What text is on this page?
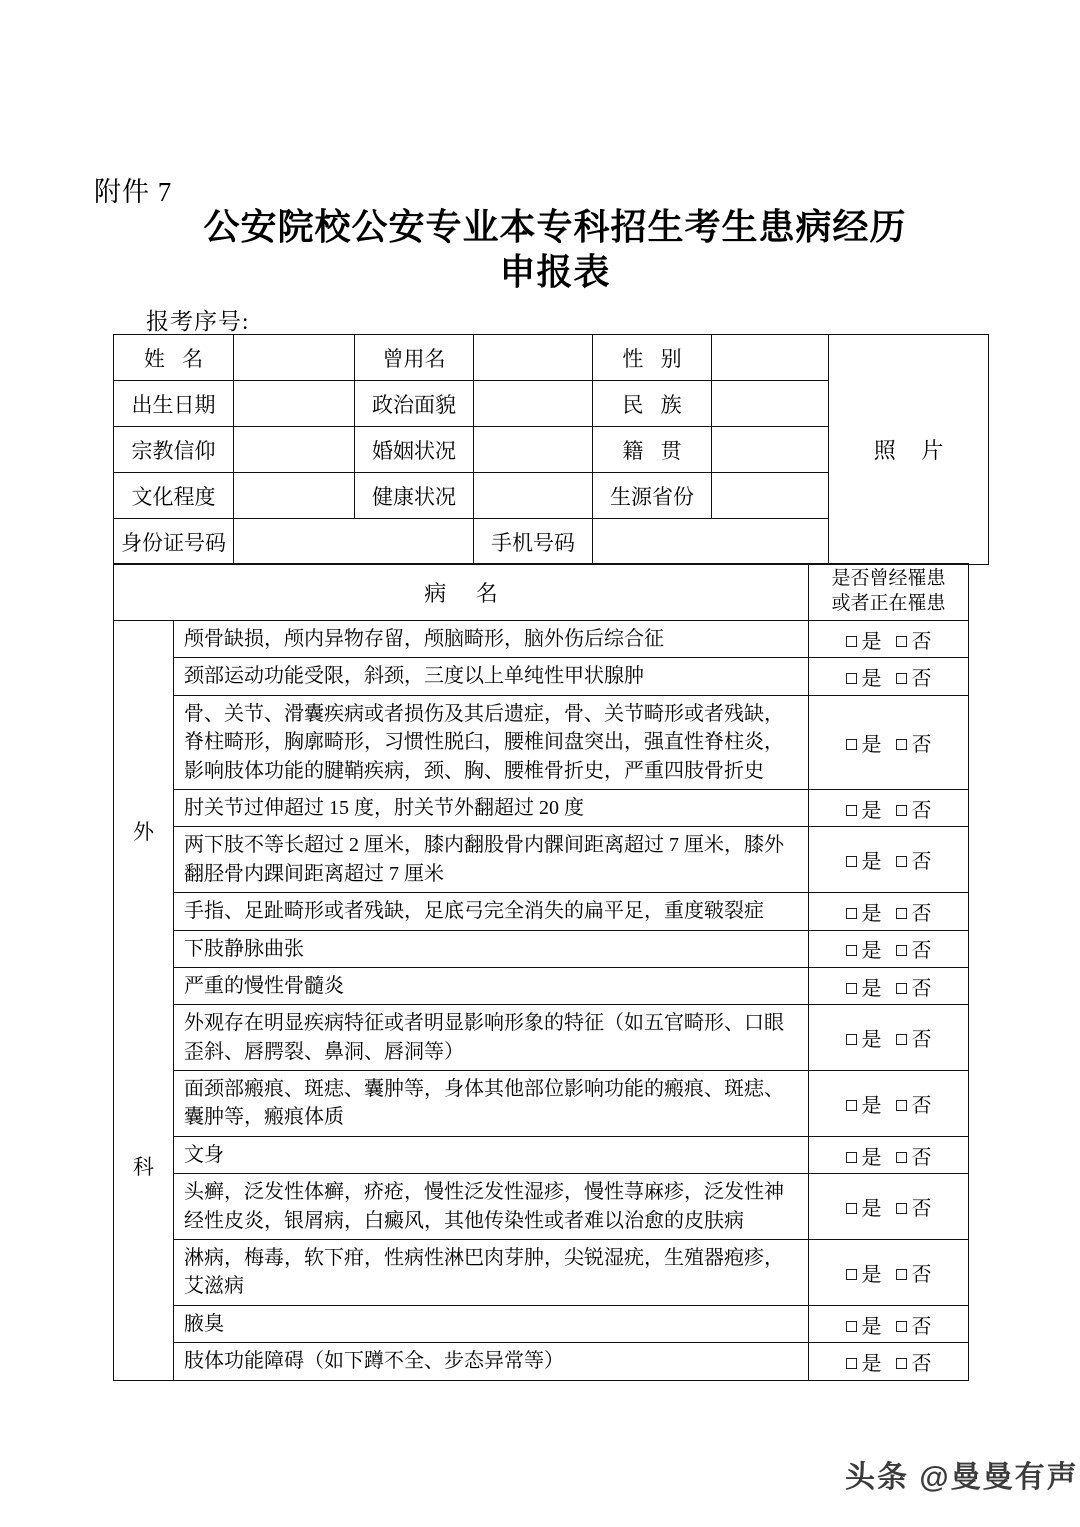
附件 7
公安院校公安专业本专科招生考生患病经历
申报表
报考序号:
姓 名		曾用名		性 别		照 片
出生日期		政治面貌		民 族		
宗教信仰		婚姻状况		籍 贯		
文化程度		健康状况		生源省份		
身份证号码			手机号码			
病 名		是否曾经罹患
或者正在罹患

外
科	颅骨缺损，颅内异物存留，颅脑畸形，脑外伤后综合征	是 否
	颈部运动功能受限，斜颈，三度以上单纯性甲状腺肿	是 否
	骨、关节、滑囊疾病或者损伤及其后遗症，骨、关节畸形或者残缺，脊柱畸形，胸廓畸形，习惯性脱臼，腰椎间盘突出，强直性脊柱炎，影响肢体功能的腱鞘疾病，颈、胸、腰椎骨折史，严重四肢骨折史	是 否
	肘关节过伸超过 15 度，肘关节外翻超过 20 度	是 否
	两下肢不等长超过 2 厘米，膝内翻股骨内髁间距离超过 7 厘米，膝外翻胫骨内踝间距离超过 7 厘米	是 否
	手指、足趾畸形或者残缺，足底弓完全消失的扁平足，重度皲裂症	是 否
	下肢静脉曲张	是 否
	严重的慢性骨髓炎	是 否
	外观存在明显疾病特征或者明显影响形象的特征（如五官畸形、口眼歪斜、唇腭裂、鼻洞、唇洞等）	是 否
	面颈部瘢痕、斑痣、囊肿等，身体其他部位影响功能的瘢痕、斑痣、囊肿等，瘢痕体质	是 否
	文身	是 否
	头癣，泛发性体癣，疥疮，慢性泛发性湿疹，慢性荨麻疹，泛发性神经性皮炎，银屑病，白癜风，其他传染性或者难以治愈的皮肤病	是 否
	淋病，梅毒，软下疳，性病性淋巴肉芽肿，尖锐湿疣，生殖器疱疹，艾滋病	是 否
	腋臭	是 否
	肢体功能障碍（如下蹲不全、步态异常等）	是 否
头条 @曼曼有声
